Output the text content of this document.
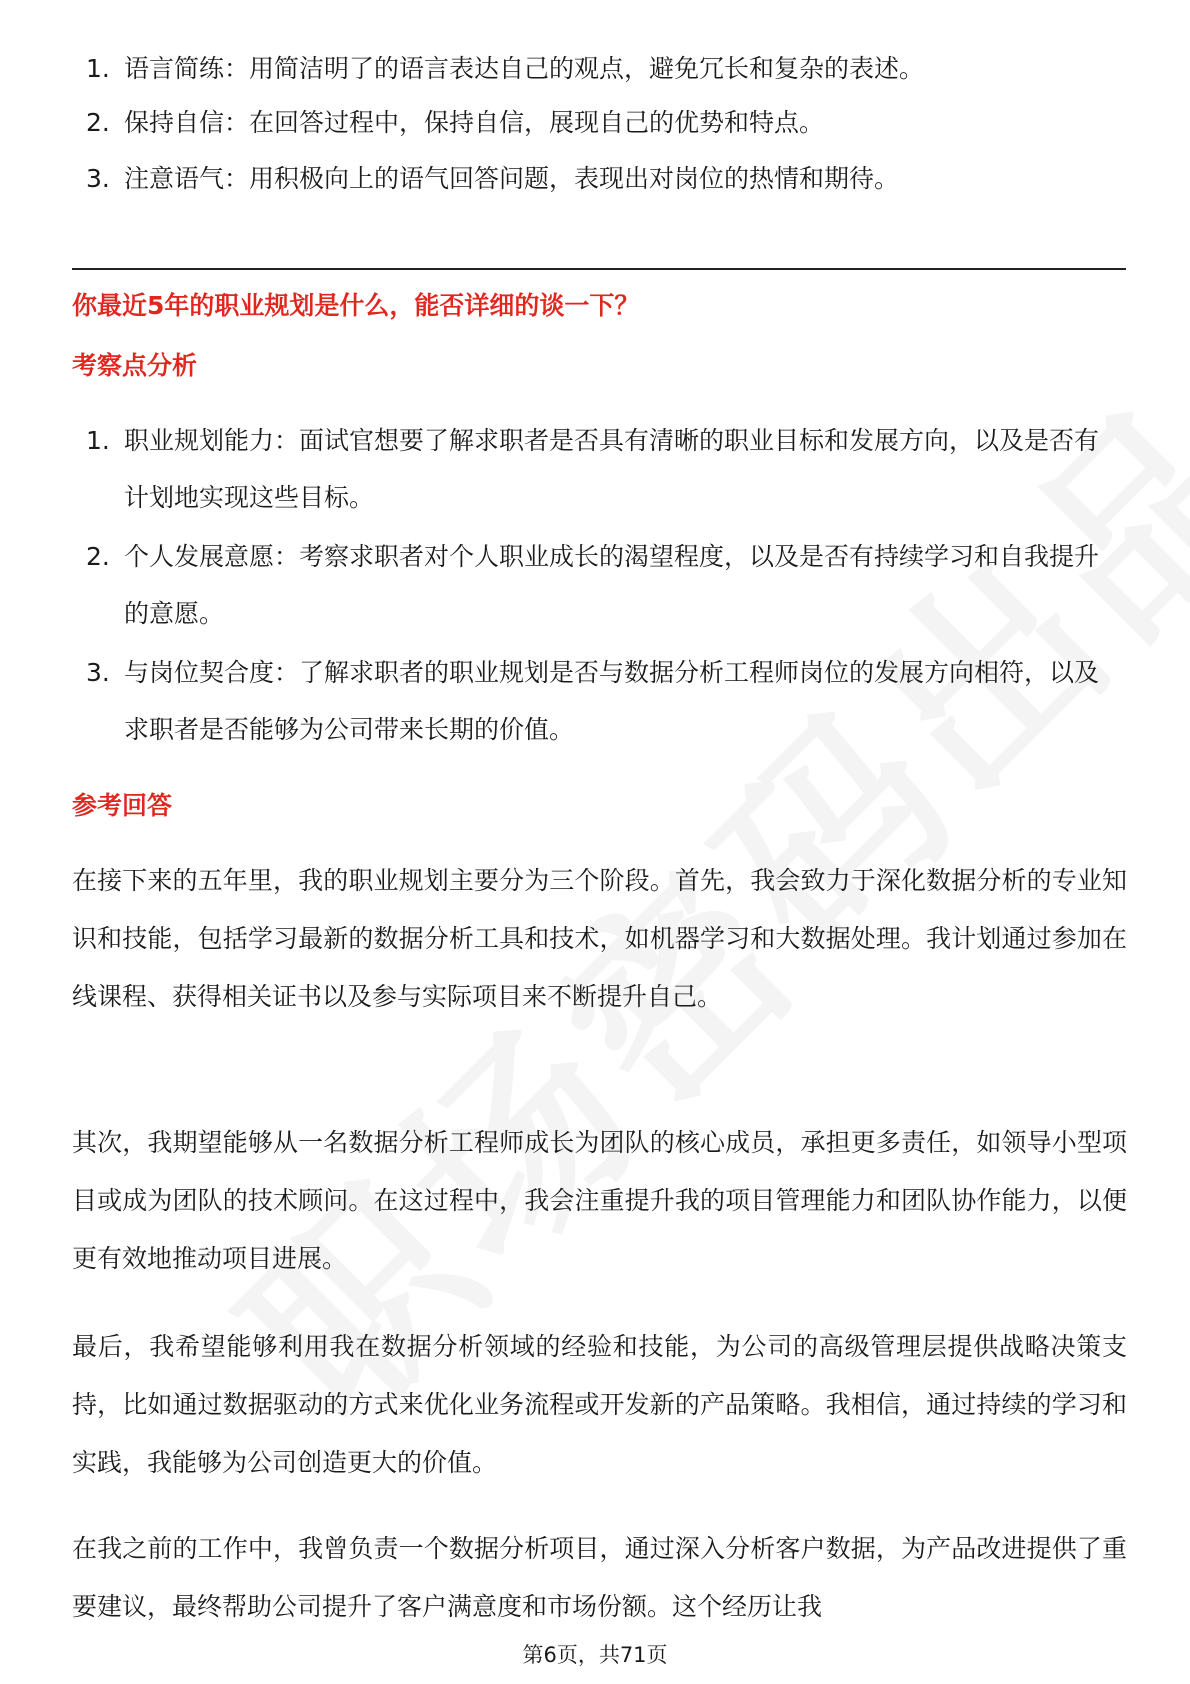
1. 语言简练：用简洁明了的语言表达自己的观点，避免冗长和复杂的表述。
2. 保持自信：在回答过程中，保持自信，展现自己的优势和特点。
3. 注意语气：用积极向上的语气回答问题，表现出对岗位的热情和期待。
你最近5年的职业规划是什么，能否详细的谈一下？
考察点分析
1. 职业规划能力：面试官想要了解求职者是否具有清晰的职业目标和发展方向，以及是否有计划地实现这些目标。
2. 个人发展意愿：考察求职者对个人职业成长的渴望程度，以及是否有持续学习和自我提升的意愿。
3. 与岗位契合度：了解求职者的职业规划是否与数据分析工程师岗位的发展方向相符，以及求职者是否能够为公司带来长期的价值。
参考回答
在接下来的五年里，我的职业规划主要分为三个阶段。首先，我会致力于深化数据分析的专业知识和技能，包括学习最新的数据分析工具和技术，如机器学习和大数据处理。我计划通过参加在线课程、获得相关证书以及参与实际项目来不断提升自己。
其次，我期望能够从一名数据分析工程师成长为团队的核心成员，承担更多责任，如领导小型项目或成为团队的技术顾问。在这过程中，我会注重提升我的项目管理能力和团队协作能力，以便更有效地推动项目进展。
最后，我希望能够利用我在数据分析领域的经验和技能，为公司的高级管理层提供战略决策支持，比如通过数据驱动的方式来优化业务流程或开发新的产品策略。我相信，通过持续的学习和实践，我能够为公司创造更大的价值。
在我之前的工作中，我曾负责一个数据分析项目，通过深入分析客户数据，为产品改进提供了重要建议，最终帮助公司提升了客户满意度和市场份额。这个经历让我
第6页，共71页
